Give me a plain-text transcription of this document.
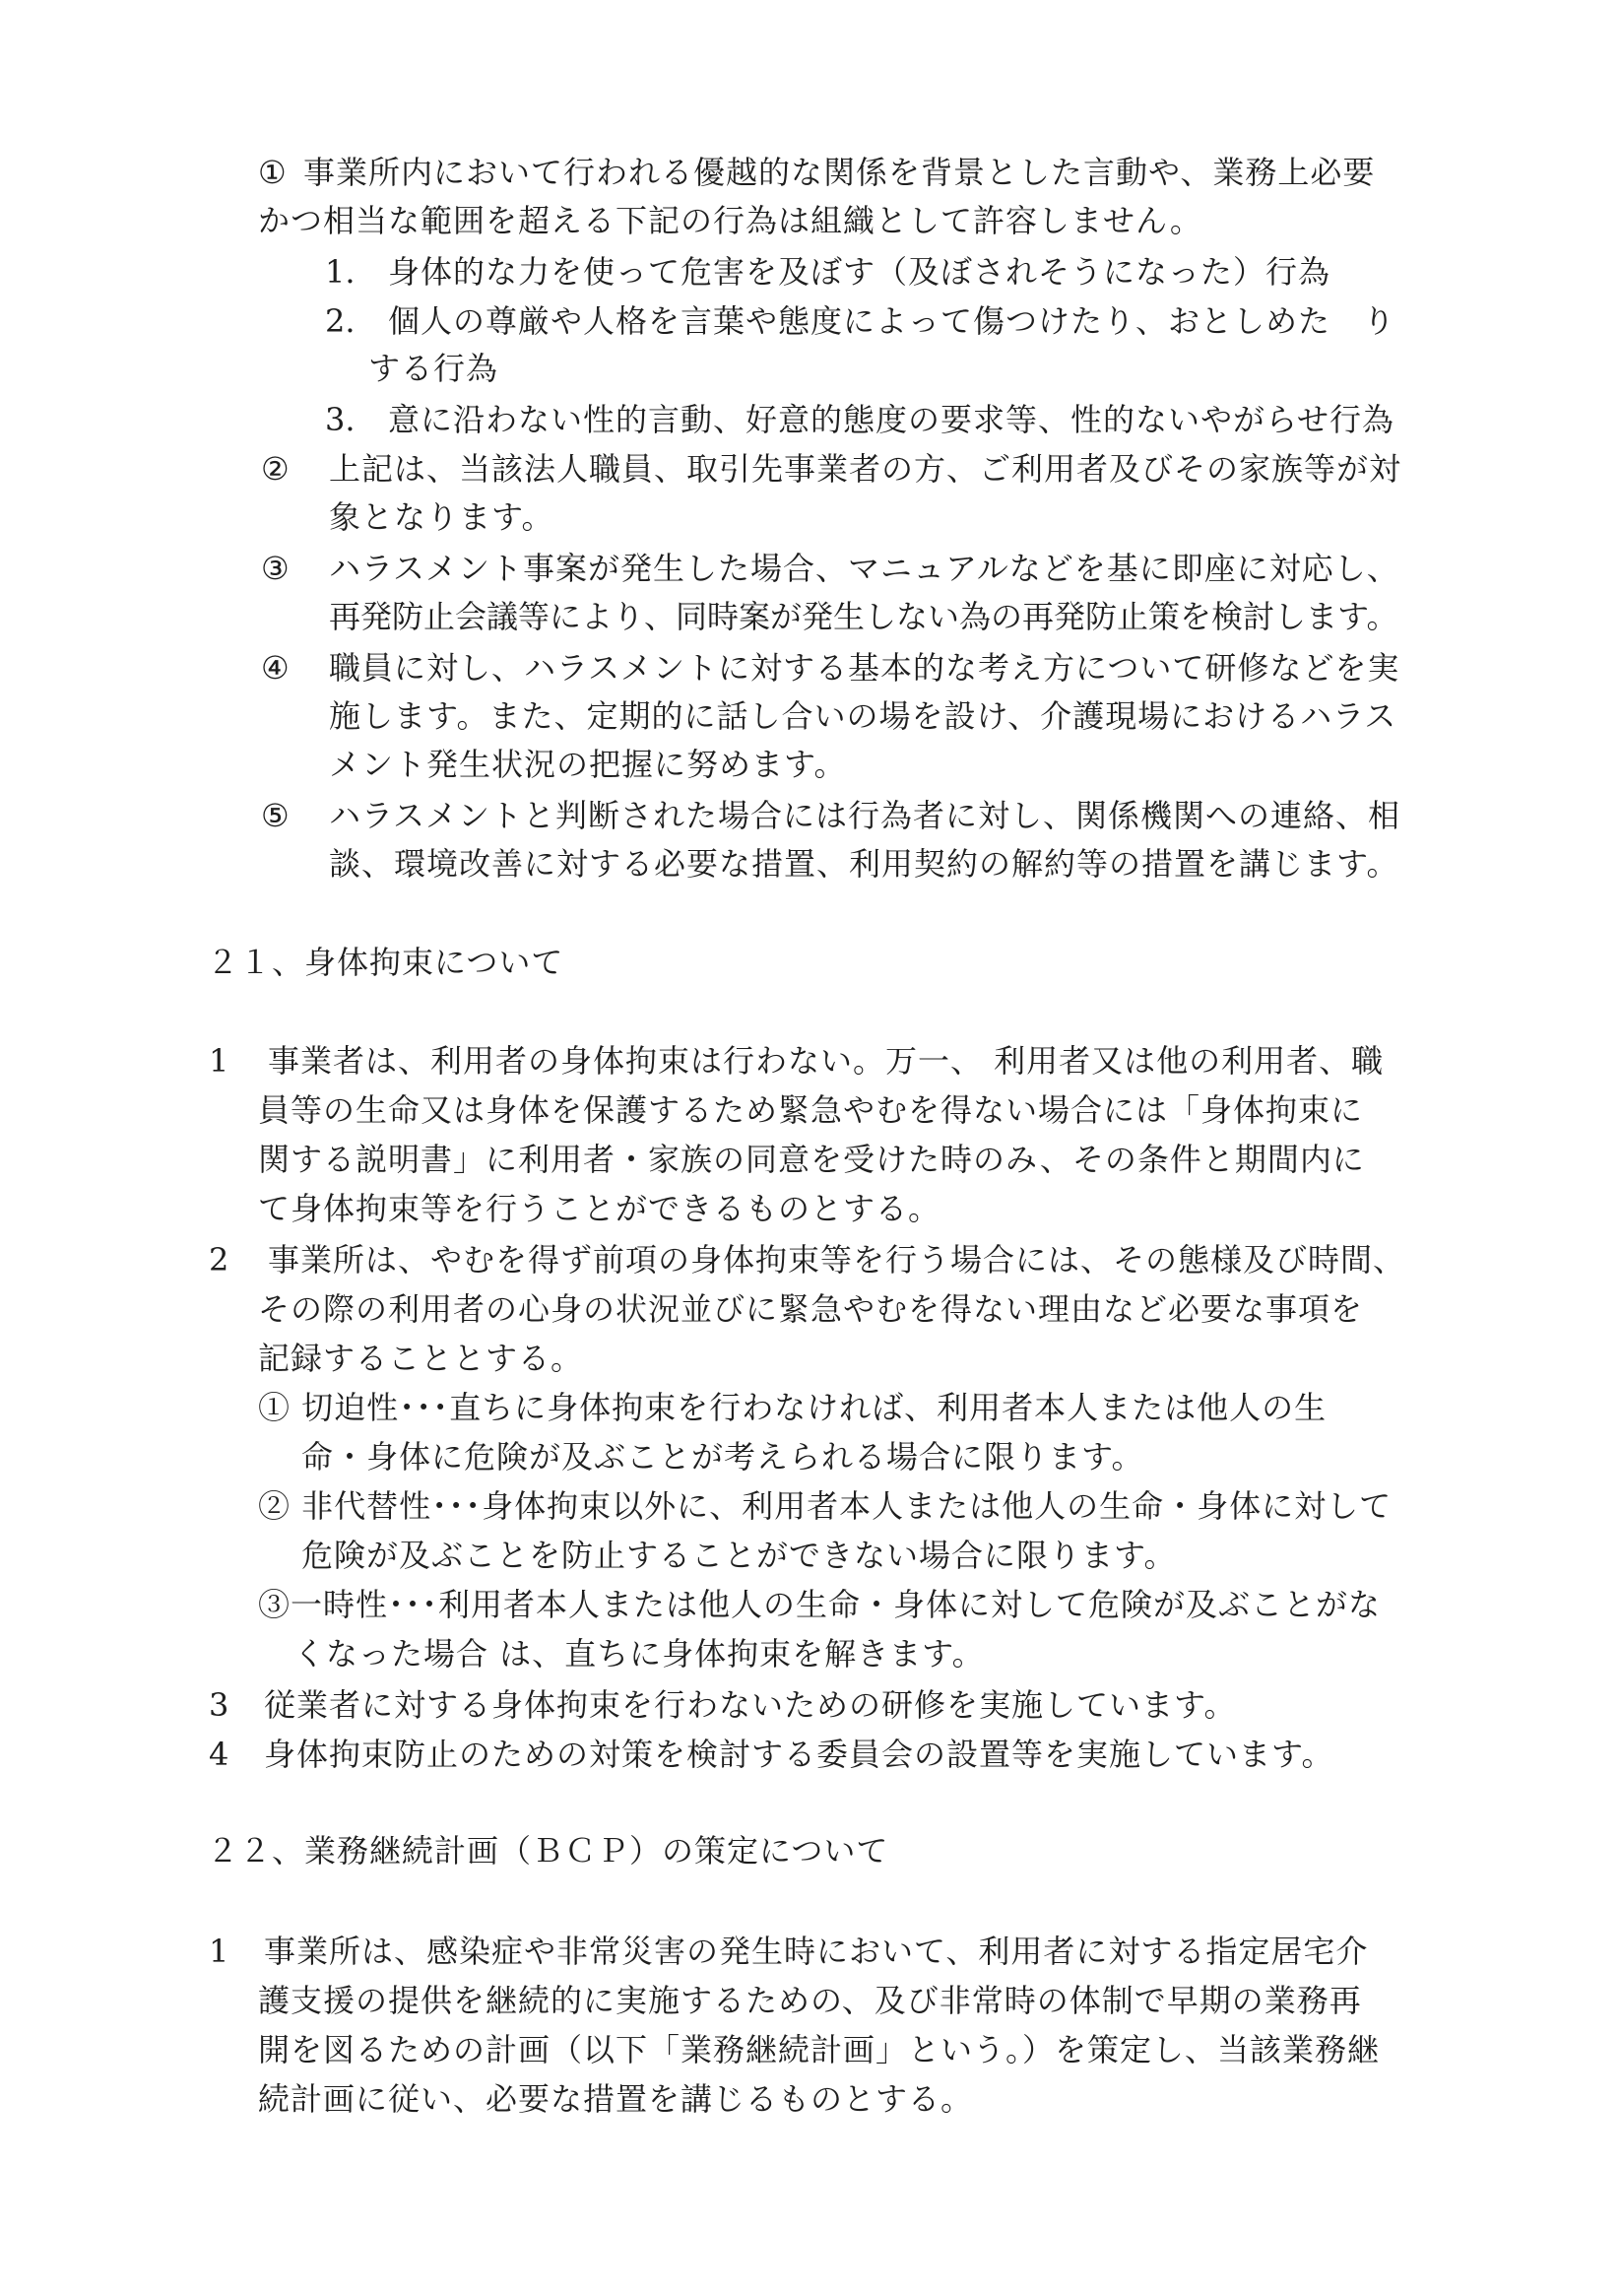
① 事業所内において行われる優越的な関係を背景とした言動や、業務上必要
かつ相当な範囲を超える下記の行為は組織として許容しません。
1. 身体的な力を使って危害を及ぼす（及ぼされそうになった）行為
2. 個人の尊厳や人格を言葉や態度によって傷つけたり、おとしめた　り
する行為
3. 意に沿わない性的言動、好意的態度の要求等、性的ないやがらせ行為
② 上記は、当該法人職員、取引先事業者の方、ご利用者及びその家族等が対
象となります。
③ ハラスメント事案が発生した場合、マニュアルなどを基に即座に対応し、
再発防止会議等により、同時案が発生しない為の再発防止策を検討します。
④ 職員に対し、ハラスメントに対する基本的な考え方について研修などを実
施します。また、定期的に話し合いの場を設け、介護現場におけるハラス
メント発生状況の把握に努めます。
⑤ ハラスメントと判断された場合には行為者に対し、関係機関への連絡、相
談、環境改善に対する必要な措置、利用契約の解約等の措置を講じます。
２１、身体拘束について
1 事業者は、利用者の身体拘束は行わない。万一、 利用者又は他の利用者、職
員等の生命又は身体を保護するため緊急やむを得ない場合には「身体拘束に
関する説明書」に利用者・家族の同意を受けた時のみ、その条件と期間内に
て身体拘束等を行うことができるものとする。
2 事業所は、やむを得ず前項の身体拘束等を行う場合には、その態様及び時間、
その際の利用者の心身の状況並びに緊急やむを得ない理由など必要な事項を
記録することとする。
① 切迫性･･･直ちに身体拘束を行わなければ、利用者本人または他人の生
命・身体に危険が及ぶことが考えられる場合に限ります。
② 非代替性･･･身体拘束以外に、利用者本人または他人の生命・身体に対して
危険が及ぶことを防止することができない場合に限ります。
③一時性･･･利用者本人または他人の生命・身体に対して危険が及ぶことがな
くなった場合 は、直ちに身体拘束を解きます。
3 従業者に対する身体拘束を行わないための研修を実施しています。
4 身体拘束防止のための対策を検討する委員会の設置等を実施しています。
２２、業務継続計画（ＢＣＰ）の策定について
1 事業所は、感染症や非常災害の発生時において、利用者に対する指定居宅介
護支援の提供を継続的に実施するための、及び非常時の体制で早期の業務再
開を図るための計画（以下「業務継続計画」という。）を策定し、当該業務継
続計画に従い、必要な措置を講じるものとする。
